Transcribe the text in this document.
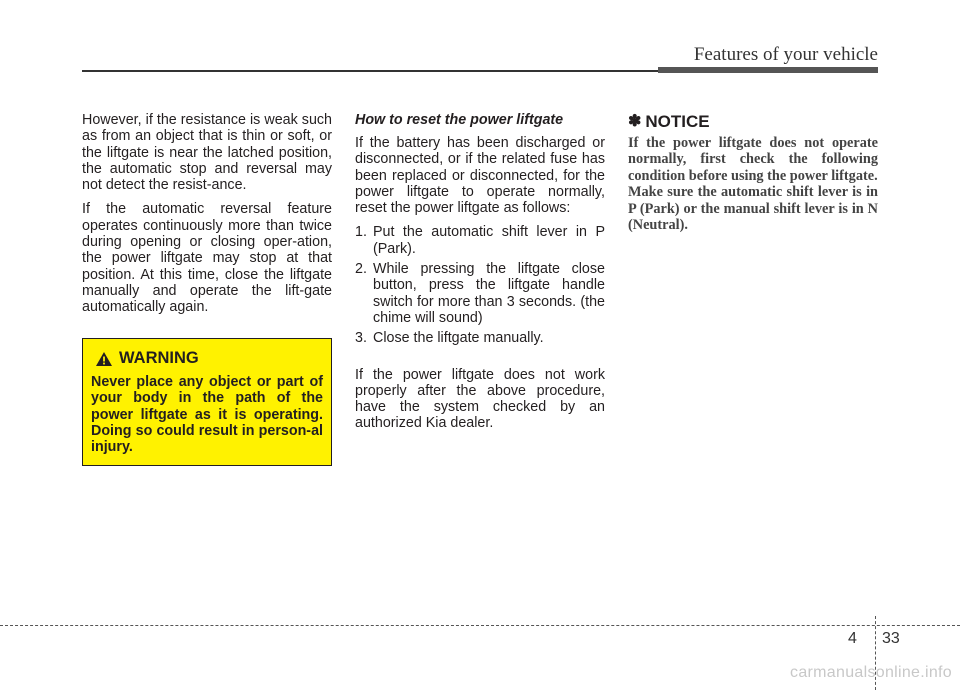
Features of your vehicle

However, if the resistance is weak such as from an object that is thin or soft, or the liftgate is near the latched position, the automatic stop and reversal may not detect the resist-ance.

If the automatic reversal feature operates continuously more than twice during opening or closing oper-ation, the power liftgate may stop at that position. At this time, close the liftgate manually and operate the lift-gate automatically again.

WARNING

Never place any object or part of your body in the path of the power liftgate as it is operating. Doing so could result in person-al injury.

How to reset the power liftgate

If the battery has been discharged or disconnected, or if the related fuse has been replaced or disconnected, for the power liftgate to operate normally, reset the power liftgate as follows:

1. Put the automatic shift lever in P (Park).
2. While pressing the liftgate close button, press the liftgate handle switch for more than 3 seconds. (the chime will sound)
3. Close the liftgate manually.

If the power liftgate does not work properly after the above procedure, have the system checked by an authorized Kia dealer.

✽ NOTICE

If the power liftgate does not operate normally, first check the following condition before using the power liftgate.

Make sure the automatic shift lever is in P (Park) or the manual shift lever is in N (Neutral).

4 33
carmanualsonline.info
